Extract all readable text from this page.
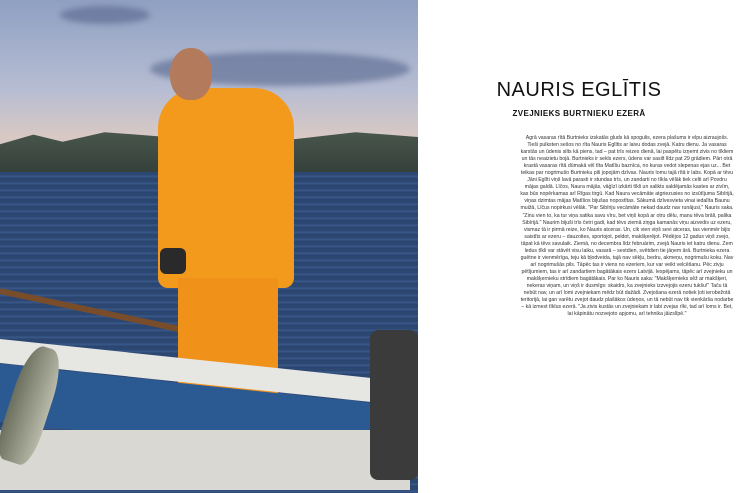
NAURIS EGLĪTIS
ZVEJNIEKS BURTNIEKU EZERĀ
Agrā vasaras rītā Burtnieks izskatās gluds kā spogulis, ezera plašums ir elpu aizraujošs. Tieši pulksten sešos no rīta Nauris Eglītis ar laivu dodas zvejā. Katru dienu. Ja vasaras karstās un ūdenis silts kā piens, tad – pat trīs reizes dienā, lai paspētu izņemt zivis no tīkliem un tās neaizietu bojā. Burtnieks ir sekls ezers, ūdens var sasilt līdz pat 29 grādiem. Pāri otrā krastā vasaras rītā dūmakā vēl tīta Matīšu baznīca, no kuras vedot slepenas ejas uz... Bet teikas par nogrimušo Burtnieku pili jopojām dzīvas. Nauris lomu tajā rītā ir labs. Kopā ar tēvu Jāni Eglīti viņš lavā parasti ir stundas trīs, un zandarti no tīkla vēlāk tiek celti arī Povdru mājas galdā. Līčos, Naura mājās, vāģīzī izkārti tīkli un salikts saldējamās kastes ar zivīm, kas būs nopērkamas arī Rīgas tirgū. Kad Naura vecāmāte atgriezusies no izsūtījuma Sibīrijā, viņas dzimtas mājas Matīšos bijušas nopostītas. Sākumā dzīvesvieta vinai iedalīta Baunu muižā, Līčus nopirkusi vēlāk. "Par Sibīriju vecāmāte nekad daudz nav runājusi," Nauris saka. "Zinu vien to, ka tur viņa satika savu vīru, bet viņš kopā ar otru dēlu, manu tēva brāli, palika Sibīrijā." Naurim bijuši trīs četri gadi, kad tēvs ziemā ziņga kamanās viņu aizvedis uz ezeru, vismaz tā ir pirmā reize, ko Nauris atceras. Un, cik vien viņš sevi atceras, tas vienmēr bijis saistīts ar ezeru – dauzoties, sportojot, peldot, makšķerējot. Pēdējos 12 gadus viņš zvejo, tāpat kā tēvs savulaik. Ziemā, no decembra līdz februārim, zvejā Nauris iet katru dienu. Zem ledus tīkli var stāvēt visu laiku, vasarā – sestdien, svētdien tie jāņem ārā. Burtnieka ezera guētne ir vienmērīga, teju kā bļodveida, tajā nav sēkļu, bedru, akmeņu, nogrimušu koku. Nav arī nogrimušās pils. Tāpēc tas ir viens no ezeriem, kur var veikt velcēšanu. Pēc zivju pētījumiem, tas ir arī zandartiem bagātākais ezers Latvijā. Iespējams, tāpēc arī zvejnieku un makšķernieku strīdiem bagātākais. Par ko Nauris saka: "Makšķernieks sēž ar makšķeri, nekeras viņam, un viņš ir dusmīgs: skaidrs, ka zvejnieks izzvejojis ezeru tukšu!" Taču tā nebūt nav, un arī lomi zvejniekam mēdz būt dažādi. Zvejošana ezerā notiek ļoti ierobežotā teritorijā, lai gan varētu zvejot daudz plašākos ūdeņos, un tā nebūt nav tik vienkārša nodarbe – kā izmest tīklus ezerā. "Ja zivis kustās un zvejniekam ir labi zvejas rīki, tad arī loms ir. Bet, lai kāpinātu nozvejoto apjomu, arī tehnika jāizslīpē."
